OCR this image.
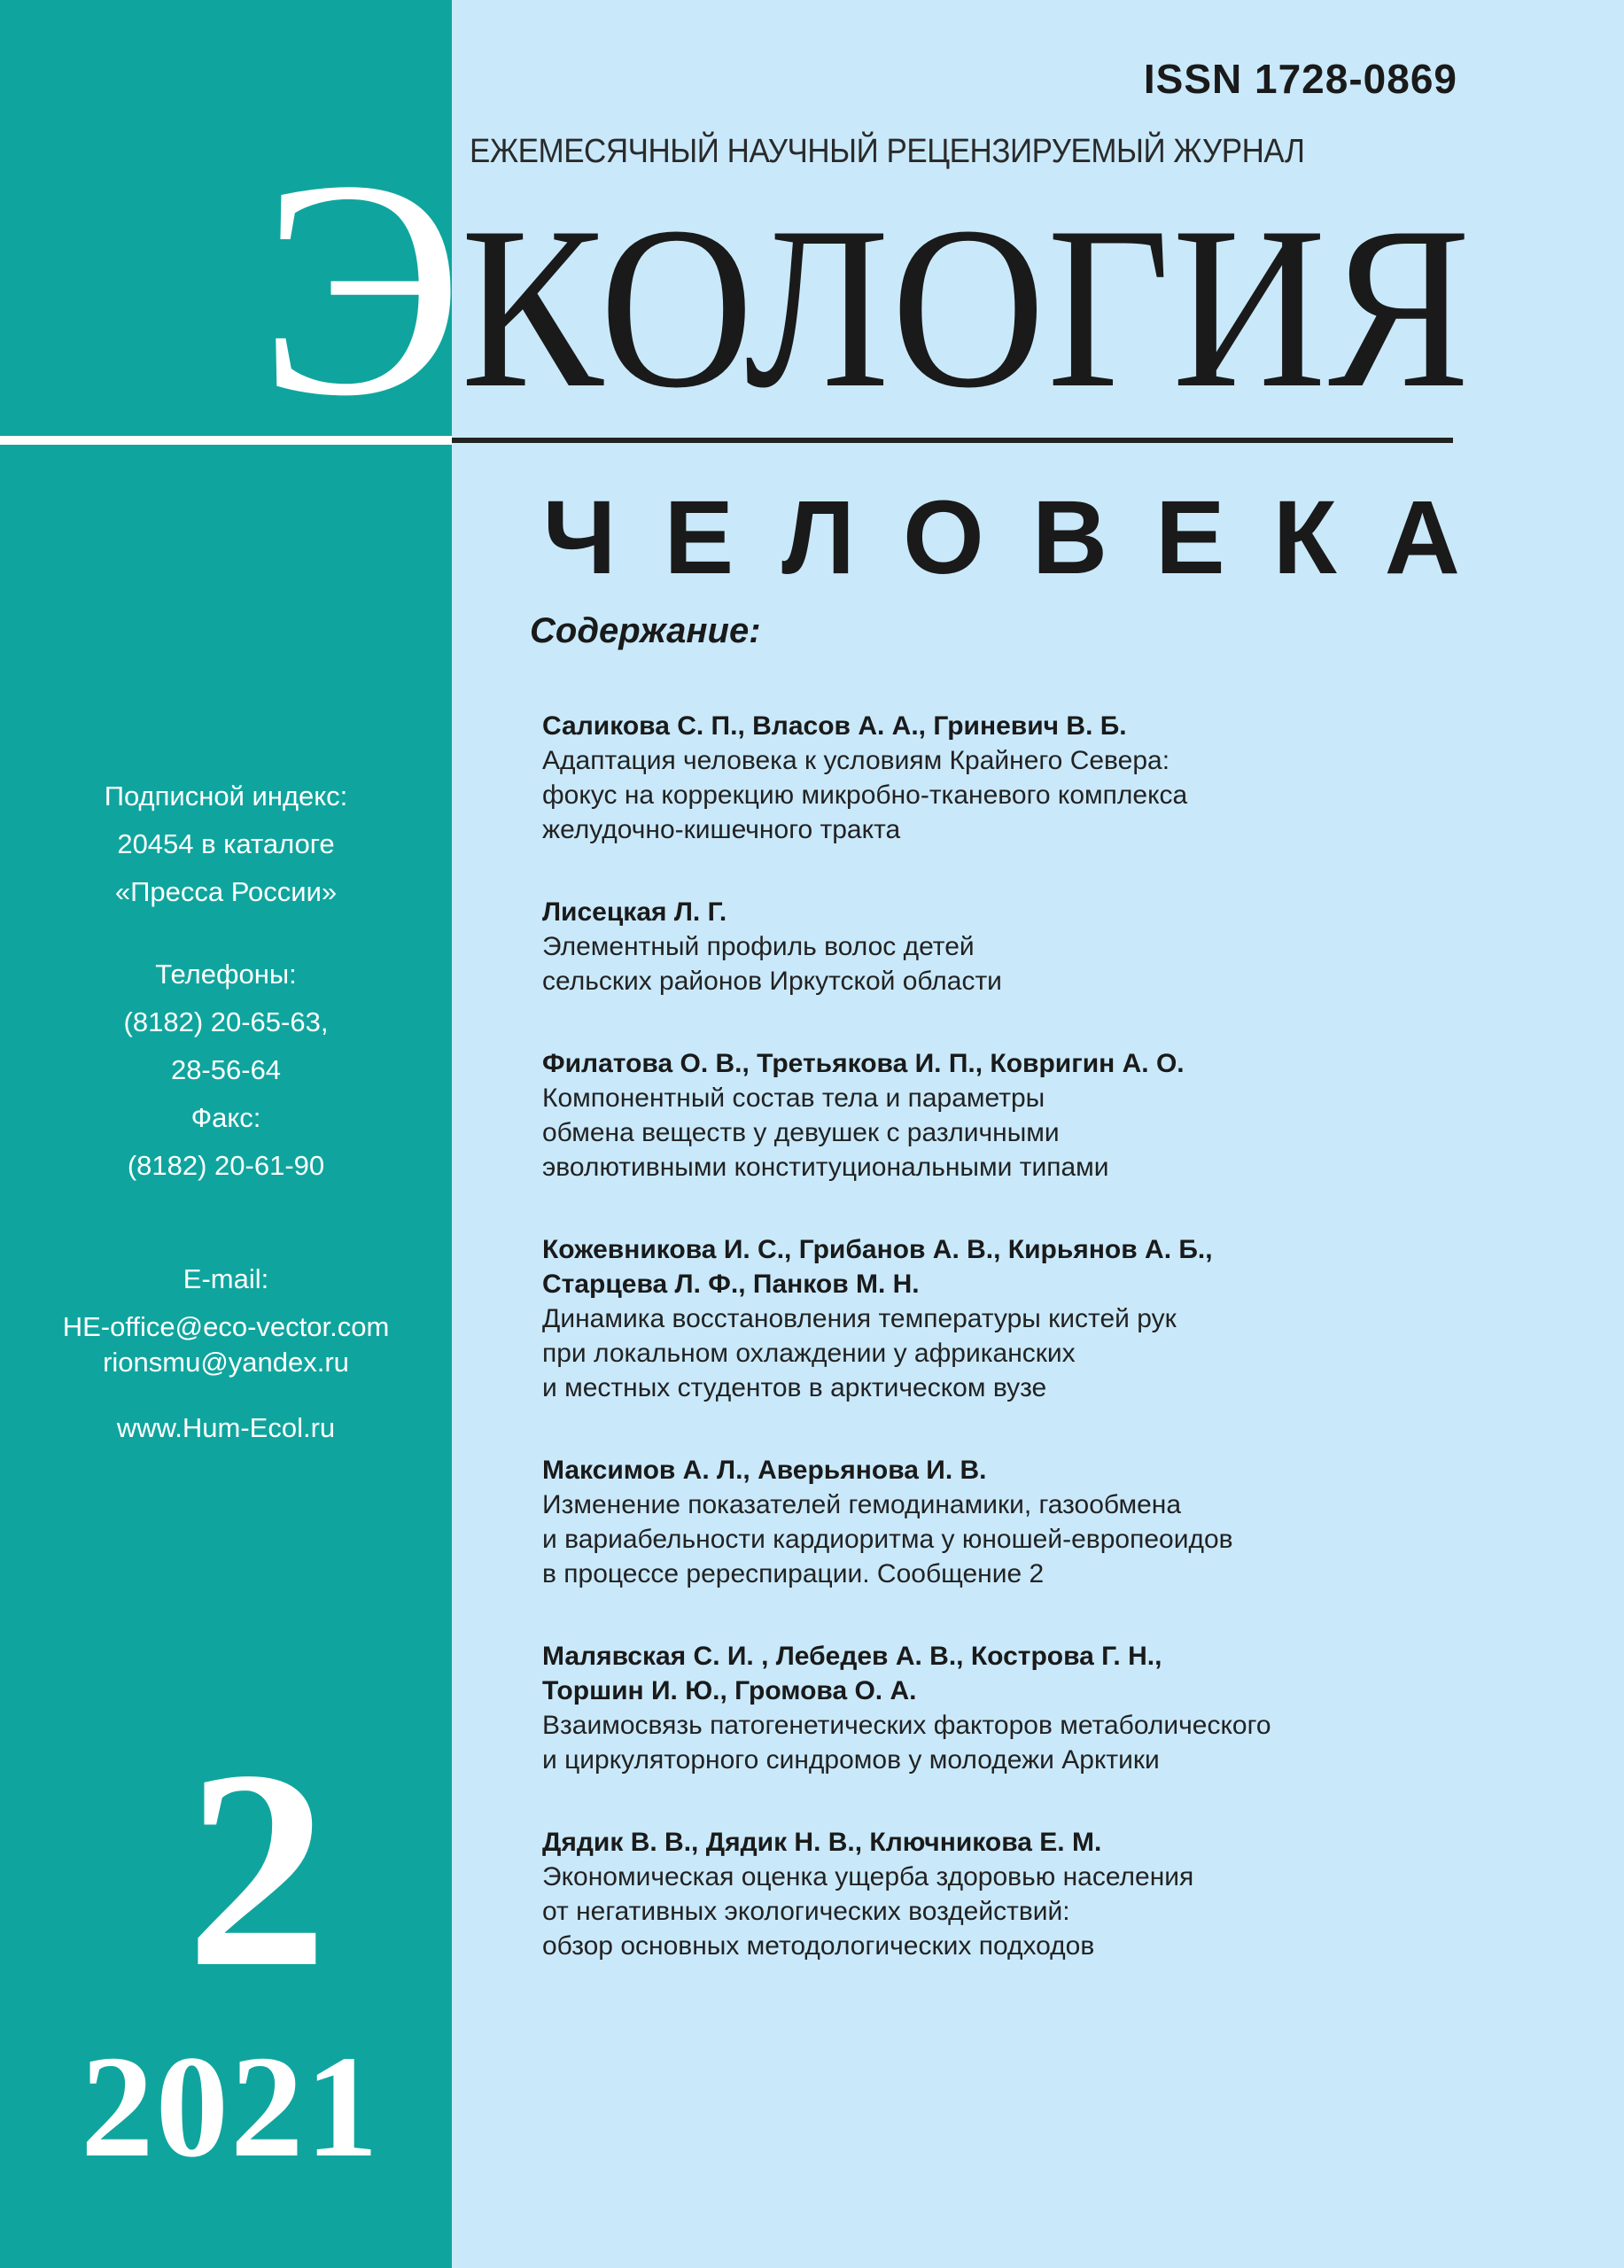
ISSN 1728-0869
ЕЖЕМЕСЯЧНЫЙ НАУЧНЫЙ РЕЦЕНЗИРУЕМЫЙ ЖУРНАЛ
Э
КОЛОГИЯ
ЧЕЛОВЕКА
Содержание:
Саликова С. П., Власов А. А., Гриневич В. Б.
Адаптация человека к условиям Крайнего Севера:
фокус на коррекцию микробно-тканевого комплекса
желудочно-кишечного тракта
Лисецкая Л. Г.
Элементный профиль волос детей
сельских районов Иркутской области
Филатова О. В., Третьякова И. П., Ковригин А. О.
Компонентный состав тела и параметры
обмена веществ у девушек с различными
эволютивными конституциональными типами
Кожевникова И. С., Грибанов А. В., Кирьянов А. Б.,
Старцева Л. Ф., Панков М. Н.
Динамика восстановления температуры кистей рук
при локальном охлаждении у африканских
и местных студентов в арктическом вузе
Максимов А. Л., Аверьянова И. В.
Изменение показателей гемодинамики, газообмена
и вариабельности кардиоритма у юношей-европеоидов
в процессе ререспирации. Сообщение 2
Малявская С. И. , Лебедев А. В., Кострова Г. Н.,
Торшин И. Ю., Громова О. А.
Взаимосвязь патогенетических факторов метаболического
и циркуляторного синдромов у молодежи Арктики
Дядик В. В., Дядик Н. В., Ключникова Е. М.
Экономическая оценка ущерба здоровью населения
от негативных экологических воздействий:
обзор основных методологических подходов
Подписной индекс:
20454 в каталоге
«Пресса России»
Телефоны:
(8182) 20-65-63,
28-56-64
Факс:
(8182) 20-61-90
E-mail:
HE-office@eco-vector.com
rionsmu@yandex.ru
www.Hum-Ecol.ru
2
2021
